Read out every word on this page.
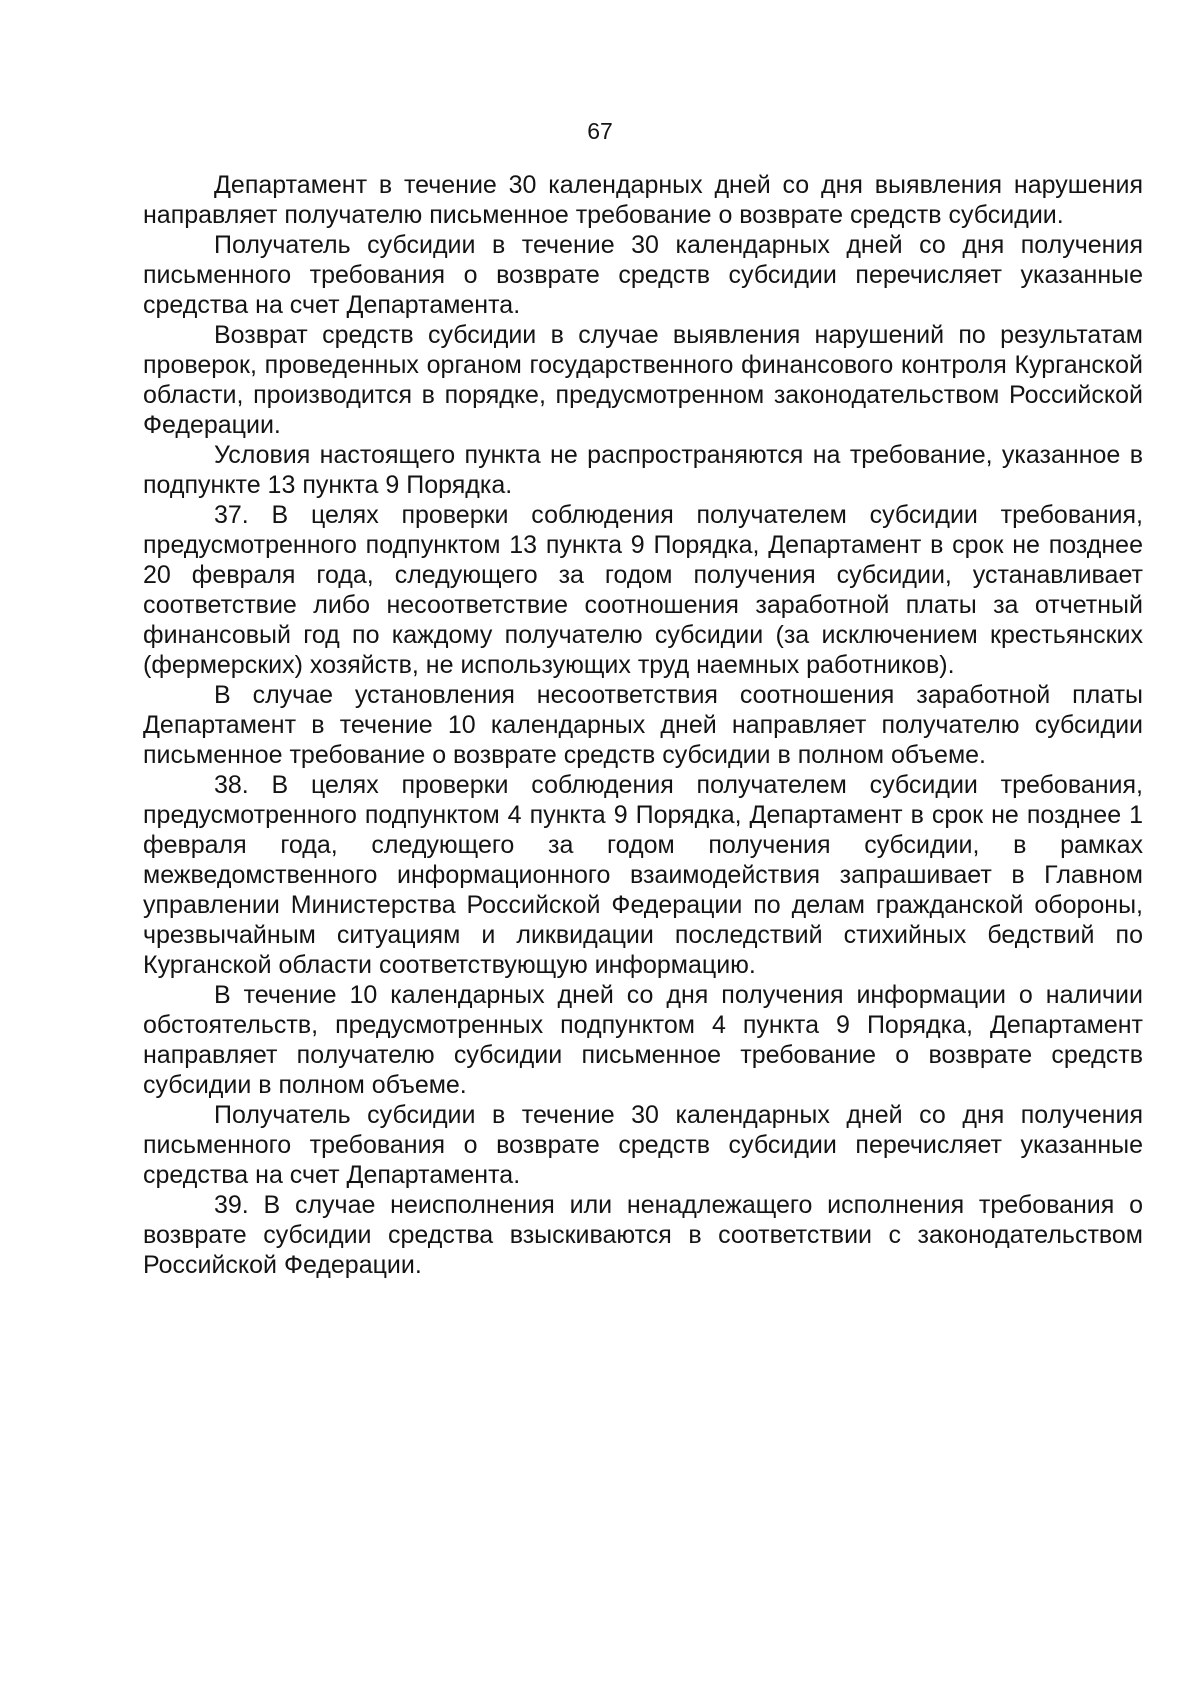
67

Департамент в течение 30 календарных дней со дня выявления нарушения направляет получателю письменное требование о возврате средств субсидии.

Получатель субсидии в течение 30 календарных дней со дня получения письменного требования о возврате средств субсидии перечисляет указанные средства на счет Департамента.

Возврат средств субсидии в случае выявления нарушений по результатам проверок, проведенных органом государственного финансового контроля Курганской области, производится в порядке, предусмотренном законодательством Российской Федерации.

Условия настоящего пункта не распространяются на требование, указанное в подпункте 13 пункта 9 Порядка.

37. В целях проверки соблюдения получателем субсидии требования, предусмотренного подпунктом 13 пункта 9 Порядка, Департамент в срок не позднее 20 февраля года, следующего за годом получения субсидии, устанавливает соответствие либо несоответствие соотношения заработной платы за отчетный финансовый год по каждому получателю субсидии (за исключением крестьянских (фермерских) хозяйств, не использующих труд наемных работников).

В случае установления несоответствия соотношения заработной платы Департамент в течение 10 календарных дней направляет получателю субсидии письменное требование о возврате средств субсидии в полном объеме.

38. В целях проверки соблюдения получателем субсидии требования, предусмотренного подпунктом 4 пункта 9 Порядка, Департамент в срок не позднее 1 февраля года, следующего за годом получения субсидии, в рамках межведомственного информационного взаимодействия запрашивает в Главном управлении Министерства Российской Федерации по делам гражданской обороны, чрезвычайным ситуациям и ликвидации последствий стихийных бедствий по Курганской области соответствующую информацию.

В течение 10 календарных дней со дня получения информации о наличии обстоятельств, предусмотренных подпунктом 4 пункта 9 Порядка, Департамент направляет получателю субсидии письменное требование о возврате средств субсидии в полном объеме.

Получатель субсидии в течение 30 календарных дней со дня получения письменного требования о возврате средств субсидии перечисляет указанные средства на счет Департамента.

39. В случае неисполнения или ненадлежащего исполнения требования о возврате субсидии средства взыскиваются в соответствии с законодательством Российской Федерации.
